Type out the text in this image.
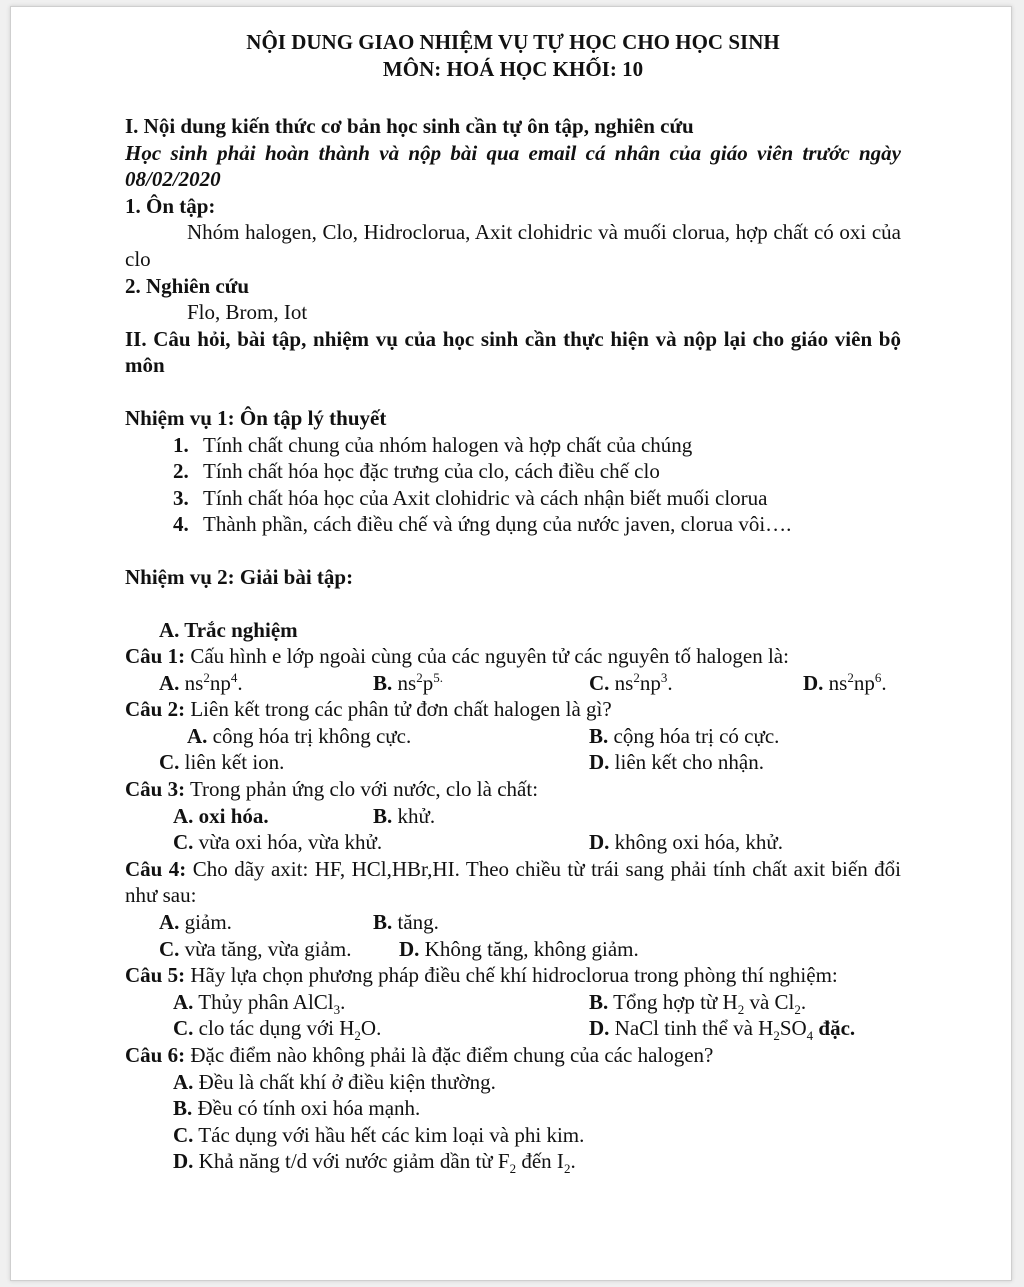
NỘI DUNG GIAO NHIỆM VỤ TỰ HỌC CHO HỌC SINH
MÔN: HOÁ HỌC KHỐI: 10
I. Nội dung kiến thức cơ bản học sinh cần tự ôn tập, nghiên cứu
Học sinh phải hoàn thành và nộp bài qua email cá nhân của giáo viên trước ngày 08/02/2020
1. Ôn tập:
Nhóm halogen, Clo, Hidroclorua, Axit clohidric và muối clorua, hợp chất có oxi của clo
2. Nghiên cứu
Flo, Brom, Iot
II. Câu hỏi, bài tập, nhiệm vụ của học sinh cần thực hiện và nộp lại cho giáo viên bộ môn
Nhiệm vụ 1: Ôn tập lý thuyết
1. Tính chất chung của nhóm halogen và hợp chất của chúng
2. Tính chất hóa học đặc trưng của clo, cách điều chế clo
3. Tính chất hóa học của Axit clohidric và cách nhận biết muối clorua
4. Thành phần, cách điều chế và ứng dụng của nước javen, clorua vôi….
Nhiệm vụ 2: Giải bài tập:
A. Trắc nghiệm
Câu 1: Cấu hình e lớp ngoài cùng của các nguyên tử các nguyên tố halogen là:
A. $ns^2np^4$.	B. $ns^2p^{5.}$	C. $ns^2np^3$.	D. $ns^2np^6$.
Câu 2: Liên kết trong các phân tử đơn chất halogen là gì?
A. công hóa trị không cực.	B. cộng hóa trị có cực.
C. liên kết ion.	D. liên kết cho nhận.
Câu 3: Trong phản ứng clo với nước, clo là chất:
A. oxi hóa.	B. khử.
C. vừa oxi hóa, vừa khử.	D. không oxi hóa, khử.
Câu 4: Cho dãy axit: HF, HCl,HBr,HI. Theo chiều từ trái sang phải tính chất axit biến đổi như sau:
A. giảm.	B. tăng.
C. vừa tăng, vừa giảm. D. Không tăng, không giảm.
Câu 5: Hãy lựa chọn phương pháp điều chế khí hidroclorua trong phòng thí nghiệm:
A. Thủy phân AlCl$_3$.	B. Tổng hợp từ $H_2$ và $Cl_2$.
C. clo tác dụng với $H_2O$.	D. NaCl tinh thể và $H_2SO_4$ đặc.
Câu 6: Đặc điểm nào không phải là đặc điểm chung của các halogen?
A. Đều là chất khí ở điều kiện thường.
B. Đều có tính oxi hóa mạnh.
C. Tác dụng với hầu hết các kim loại và phi kim.
D. Khả năng t/d với nước giảm dần từ $F_2$ đến $I_2$.
